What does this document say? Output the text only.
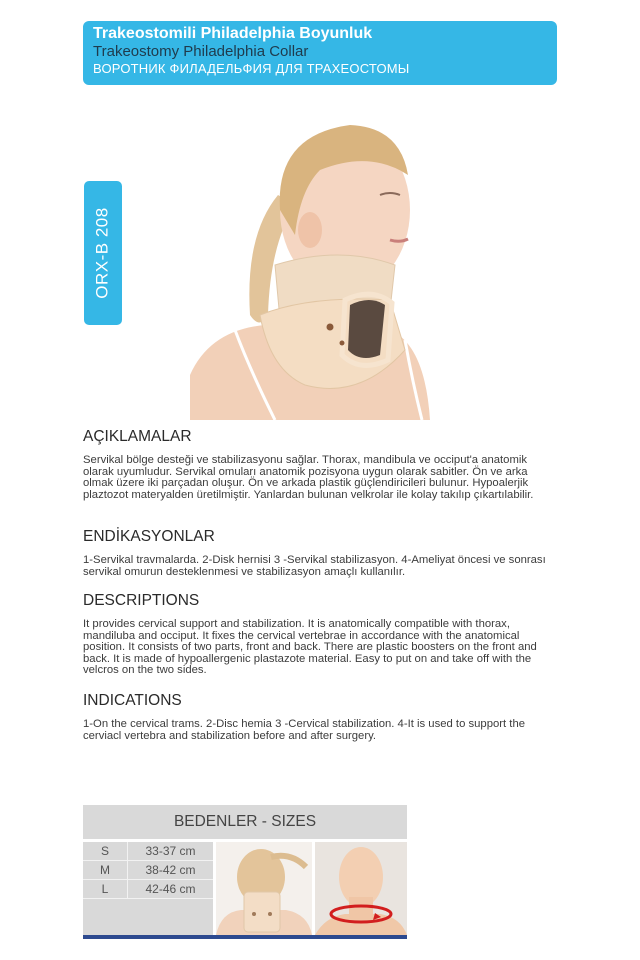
Trakeostomili Philadelphia Boyunluk
Trakeostomy Philadelphia Collar
ВОРОТНИК ФИЛАДЕЛЬФИЯ ДЛЯ ТРАХЕОСТОМЫ
ORX-B 208
AÇIKLAMALAR

Servikal bölge desteği ve stabilizasyonu sağlar. Thorax, mandibula ve occiput'a anatomik olarak uyumludur. Servikal omuları anatomik pozisyona uygun olarak sabitler. Ön ve arka olmak üzere iki parçadan oluşur. Ön ve arkada plastik güçlendiricileri bulunur. Hypoalerjik plaztozot materyalden üretilmiştir. Yanlardan bulunan velkrolar ile kolay takılıp çıkartılabilir.

ENDİKASYONLAR

1-Servikal travmalarda. 2-Disk hernisi 3 -Servikal stabilizasyon. 4-Ameliyat öncesi ve sonrası servikal omurun desteklenmesi ve stabilizasyon amaçlı kullanılır.

DESCRIPTIONS

It provides cervical support and stabilization. It is anatomically compatible with thorax, mandiluba and occiput. It fixes the cervical vertebrae in accordance with the anatomical position. It consists of two parts, front and back. There are plastic boosters on the front and back. It is made of hypoallergenic plastazote material. Easy to put on and take off with the velcros on the two sides.

INDICATIONS

1-On the cervical trams. 2-Disc hemia 3 -Cervical stabilization. 4-It is used to support the cerviacl vertebra and stabilization before and after surgery.

BEDENLER - SIZES
S	33-37 cm
M	38-42 cm
L	42-46 cm
